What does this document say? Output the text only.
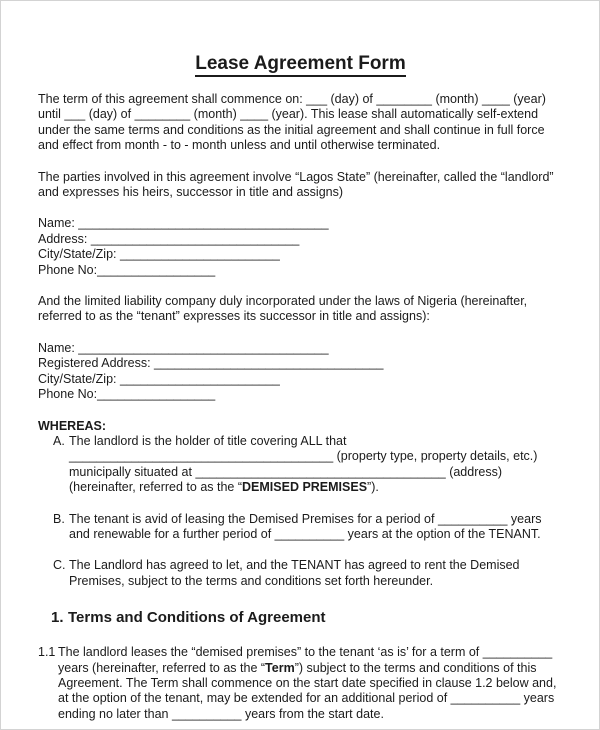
Lease Agreement Form

The term of this agreement shall commence on: ___ (day) of ________ (month) ____ (year) until ___ (day) of ________ (month) ____ (year). This lease shall automatically self-extend under the same terms and conditions as the initial agreement and shall continue in full force and effect from month - to - month unless and until otherwise terminated.

The parties involved in this agreement involve “Lagos State” (hereinafter, called the “landlord” and expresses his heirs, successor in title and assigns)

Name: ____________________________________
Address: ______________________________
City/State/Zip: _______________________
Phone No:_________________

And the limited liability company duly incorporated under the laws of Nigeria (hereinafter, referred to as the “tenant” expresses its successor in title and assigns):

Name: ____________________________________
Registered Address: _________________________________
City/State/Zip: _______________________
Phone No:_________________
WHEREAS:
A. The landlord is the holder of title covering ALL that
______________________________________ (property type, property details, etc.)
municipally situated at ____________________________________ (address)
(hereinafter, referred to as the “DEMISED PREMISES”).
B. The tenant is avid of leasing the Demised Premises for a period of __________ years and renewable for a further period of __________ years at the option of the TENANT.
C. The Landlord has agreed to let, and the TENANT has agreed to rent the Demised Premises, subject to the terms and conditions set forth hereunder.
1. Terms and Conditions of Agreement
1.1 The landlord leases the “demised premises” to the tenant ‘as is’ for a term of __________ years (hereinafter, referred to as the “Term”) subject to the terms and conditions of this Agreement. The Term shall commence on the start date specified in clause 1.2 below and, at the option of the tenant, may be extended for an additional period of __________ years ending no later than __________ years from the start date.
